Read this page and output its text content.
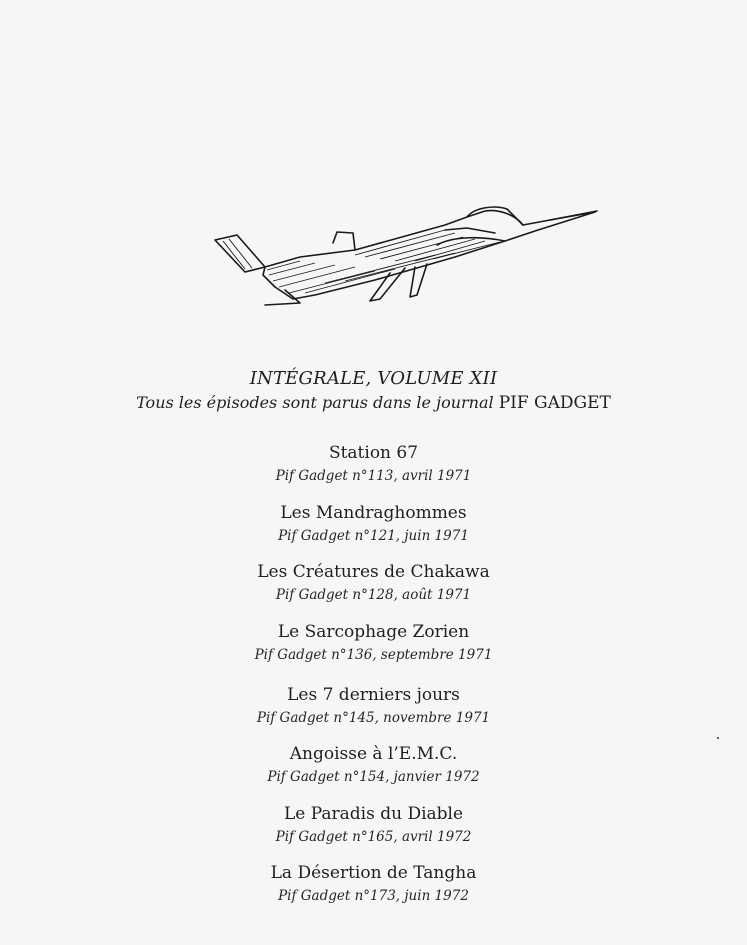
INTÉGRALE, VOLUME XII
Tous les épisodes sont parus dans le journal PIF GADGET
Station 67
Pif Gadget n°113, avril 1971
Les Mandraghommes
Pif Gadget n°121, juin 1971
Les Créatures de Chakawa
Pif Gadget n°128, août 1971
Le Sarcophage Zorien
Pif Gadget n°136, septembre 1971
Les 7 derniers jours
Pif Gadget n°145, novembre 1971
Angoisse à l’E.M.C.
Pif Gadget n°154, janvier 1972
Le Paradis du Diable
Pif Gadget n°165, avril 1972
La Désertion de Tangha
Pif Gadget n°173, juin 1972
